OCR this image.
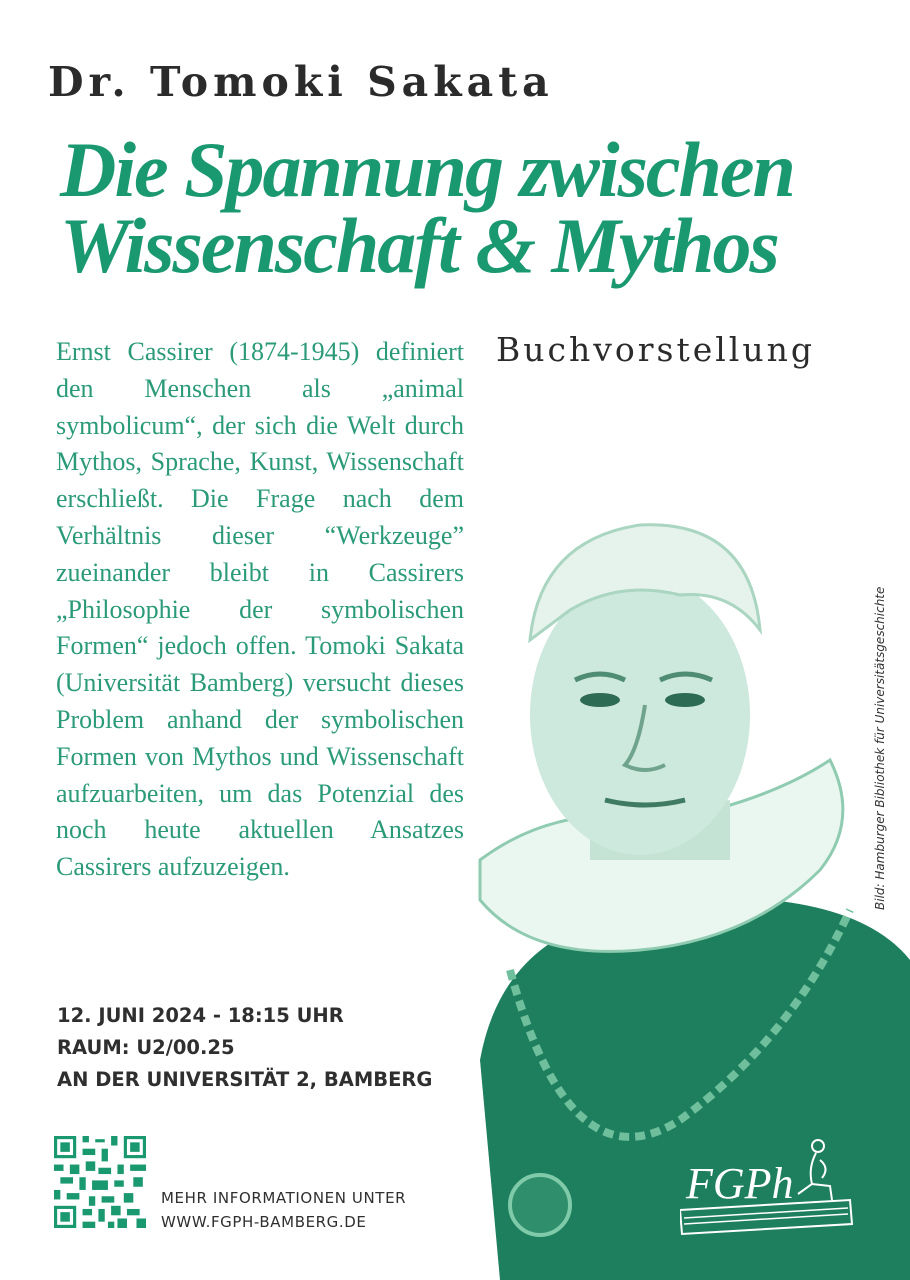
Dr. Tomoki Sakata
Die Spannung zwischen
Wissenschaft & Mythos
Buchvorstellung

Ernst Cassirer (1874-1945) definiert den Menschen als „animal symbolicum“, der sich die Welt durch Mythos, Sprache, Kunst, Wissenschaft erschließt. Die Frage nach dem Verhältnis dieser “Werkzeuge” zueinander bleibt in Cassirers „Philosophie der symbolischen Formen“ jedoch offen. Tomoki Sakata (Universität Bamberg) versucht dieses Problem anhand der symbolischen Formen von Mythos und Wissenschaft aufzuarbeiten, um das Potenzial des noch heute aktuellen Ansatzes Cassirers aufzuzeigen.	Bild: Hamburger Bibliothek für Universitätsgeschichte
12. JUNI 2024 - 18:15 UHR
RAUM: U2/00.25
AN DER UNIVERSITÄT 2, BAMBERG
MEHR INFORMATIONEN UNTER
WWW.FGPH-BAMBERG.DE
FGPh
